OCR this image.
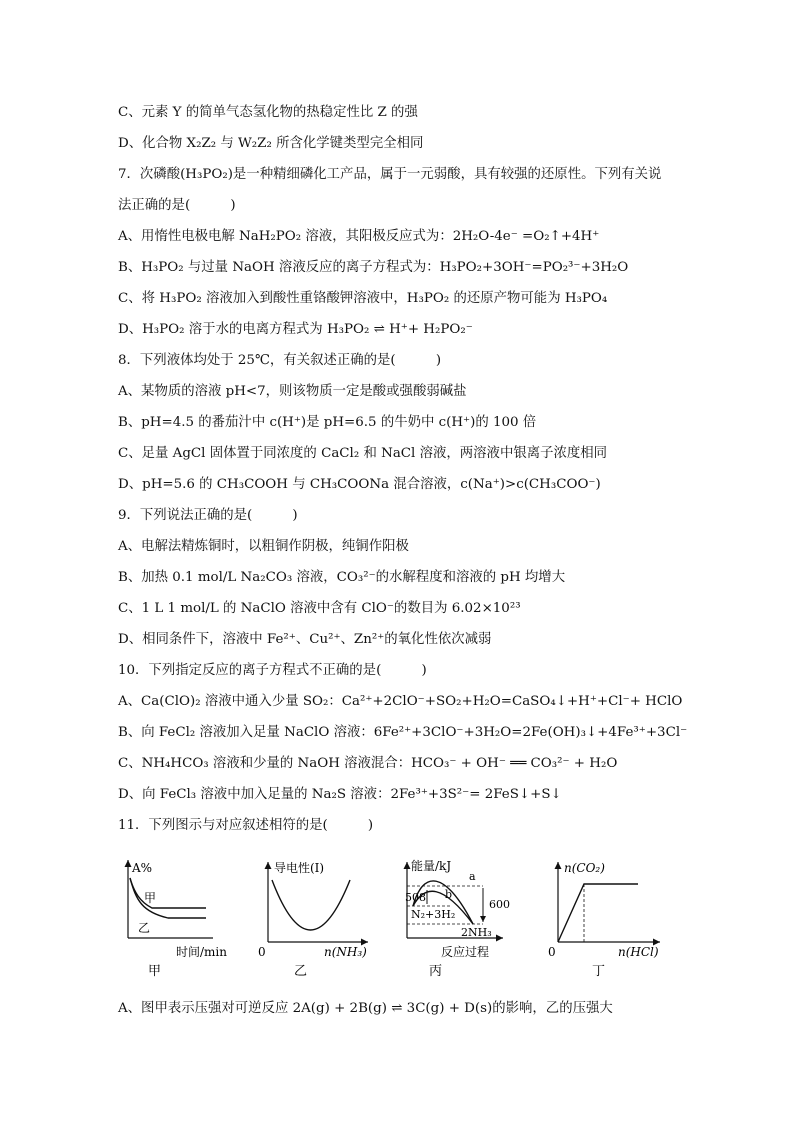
C、元素 Y 的简单气态氢化物的热稳定性比 Z 的强
D、化合物 X₂Z₂ 与 W₂Z₂ 所含化学键类型完全相同
7．次磷酸(H₃PO₂)是一种精细磷化工产品，属于一元弱酸，具有较强的还原性。下列有关说
法正确的是(　　　)
A、用惰性电极电解 NaH₂PO₂ 溶液，其阳极反应式为：2H₂O-4e⁻ =O₂↑+4H⁺
B、H₃PO₂ 与过量 NaOH 溶液反应的离子方程式为：H₃PO₂+3OH⁻=PO₂³⁻+3H₂O
C、将 H₃PO₂ 溶液加入到酸性重铬酸钾溶液中，H₃PO₂ 的还原产物可能为 H₃PO₄
D、H₃PO₂ 溶于水的电离方程式为 H₃PO₂ ⇌ H⁺+ H₂PO₂⁻
8．下列液体均处于 25℃，有关叙述正确的是(　　　)
A、某物质的溶液 pH<7，则该物质一定是酸或强酸弱碱盐
B、pH=4.5 的番茄汁中 c(H⁺)是 pH=6.5 的牛奶中 c(H⁺)的 100 倍
C、足量 AgCl 固体置于同浓度的 CaCl₂ 和 NaCl 溶液，两溶液中银离子浓度相同
D、pH=5.6 的 CH₃COOH 与 CH₃COONa 混合溶液，c(Na⁺)>c(CH₃COO⁻)
9．下列说法正确的是(　　　)
A、电解法精炼铜时，以粗铜作阴极，纯铜作阳极
B、加热 0.1 mol/L Na₂CO₃ 溶液，CO₃²⁻的水解程度和溶液的 pH 均增大
C、1 L 1 mol/L 的 NaClO 溶液中含有 ClO⁻的数目为 6.02×10²³
D、相同条件下，溶液中 Fe²⁺、Cu²⁺、Zn²⁺的氧化性依次减弱
10．下列指定反应的离子方程式不正确的是(　　　)
A、Ca(ClO)₂ 溶液中通入少量 SO₂：Ca²⁺+2ClO⁻+SO₂+H₂O=CaSO₄↓+H⁺+Cl⁻+ HClO
B、向 FeCl₂ 溶液加入足量 NaClO 溶液：6Fe²⁺+3ClO⁻+3H₂O=2Fe(OH)₃↓+4Fe³⁺+3Cl⁻
C、NH₄HCO₃ 溶液和少量的 NaOH 溶液混合：HCO₃⁻ + OH⁻ ══ CO₃²⁻ + H₂O
D、向 FeCl₃ 溶液中加入足量的 Na₂S 溶液：2Fe³⁺+3S²⁻= 2FeS↓+S↓
11．下列图示与对应叙述相符的是(　　　)
A、图甲表示压强对可逆反应 2A(g) + 2B(g) ⇌ 3C(g) + D(s)的影响，乙的压强大
A%
甲
乙
时间/min
甲
导电性(I)
0	n(NH₃)
乙
能量/kJ
508
600
a
b
N₂+3H₂
2NH₃
反应过程
丙
n(CO₂)
0	n(HCl)
丁
